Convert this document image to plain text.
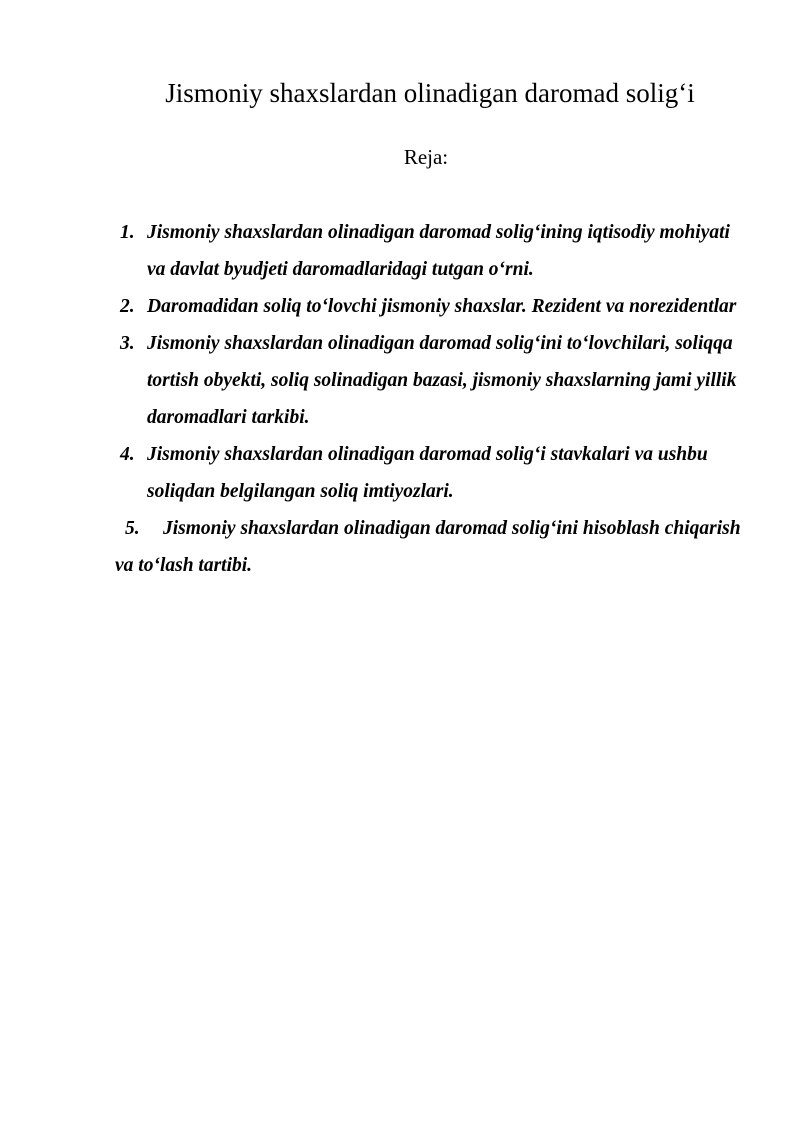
Jismoniy shaxslardan olinadigan daromad solig‘i
Reja:
1. Jismoniy shaxslardan olinadigan daromad solig‘ining iqtisodiy mohiyati va davlat byudjeti daromadlaridagi tutgan o‘rni.
2. Daromadidan soliq to‘lovchi jismoniy shaxslar. Rezident va norezidentlar
3. Jismoniy shaxslardan olinadigan daromad solig‘ini to‘lovchilari, soliqqa tortish obyekti, soliq solinadigan bazasi, jismoniy shaxslarning jami yillik daromadlari tarkibi.
4. Jismoniy shaxslardan olinadigan daromad solig‘i stavkalari va ushbu soliqdan belgilangan soliq imtiyozlari.
5. Jismoniy shaxslardan olinadigan daromad solig‘ini hisoblash chiqarish va to‘lash tartibi.
